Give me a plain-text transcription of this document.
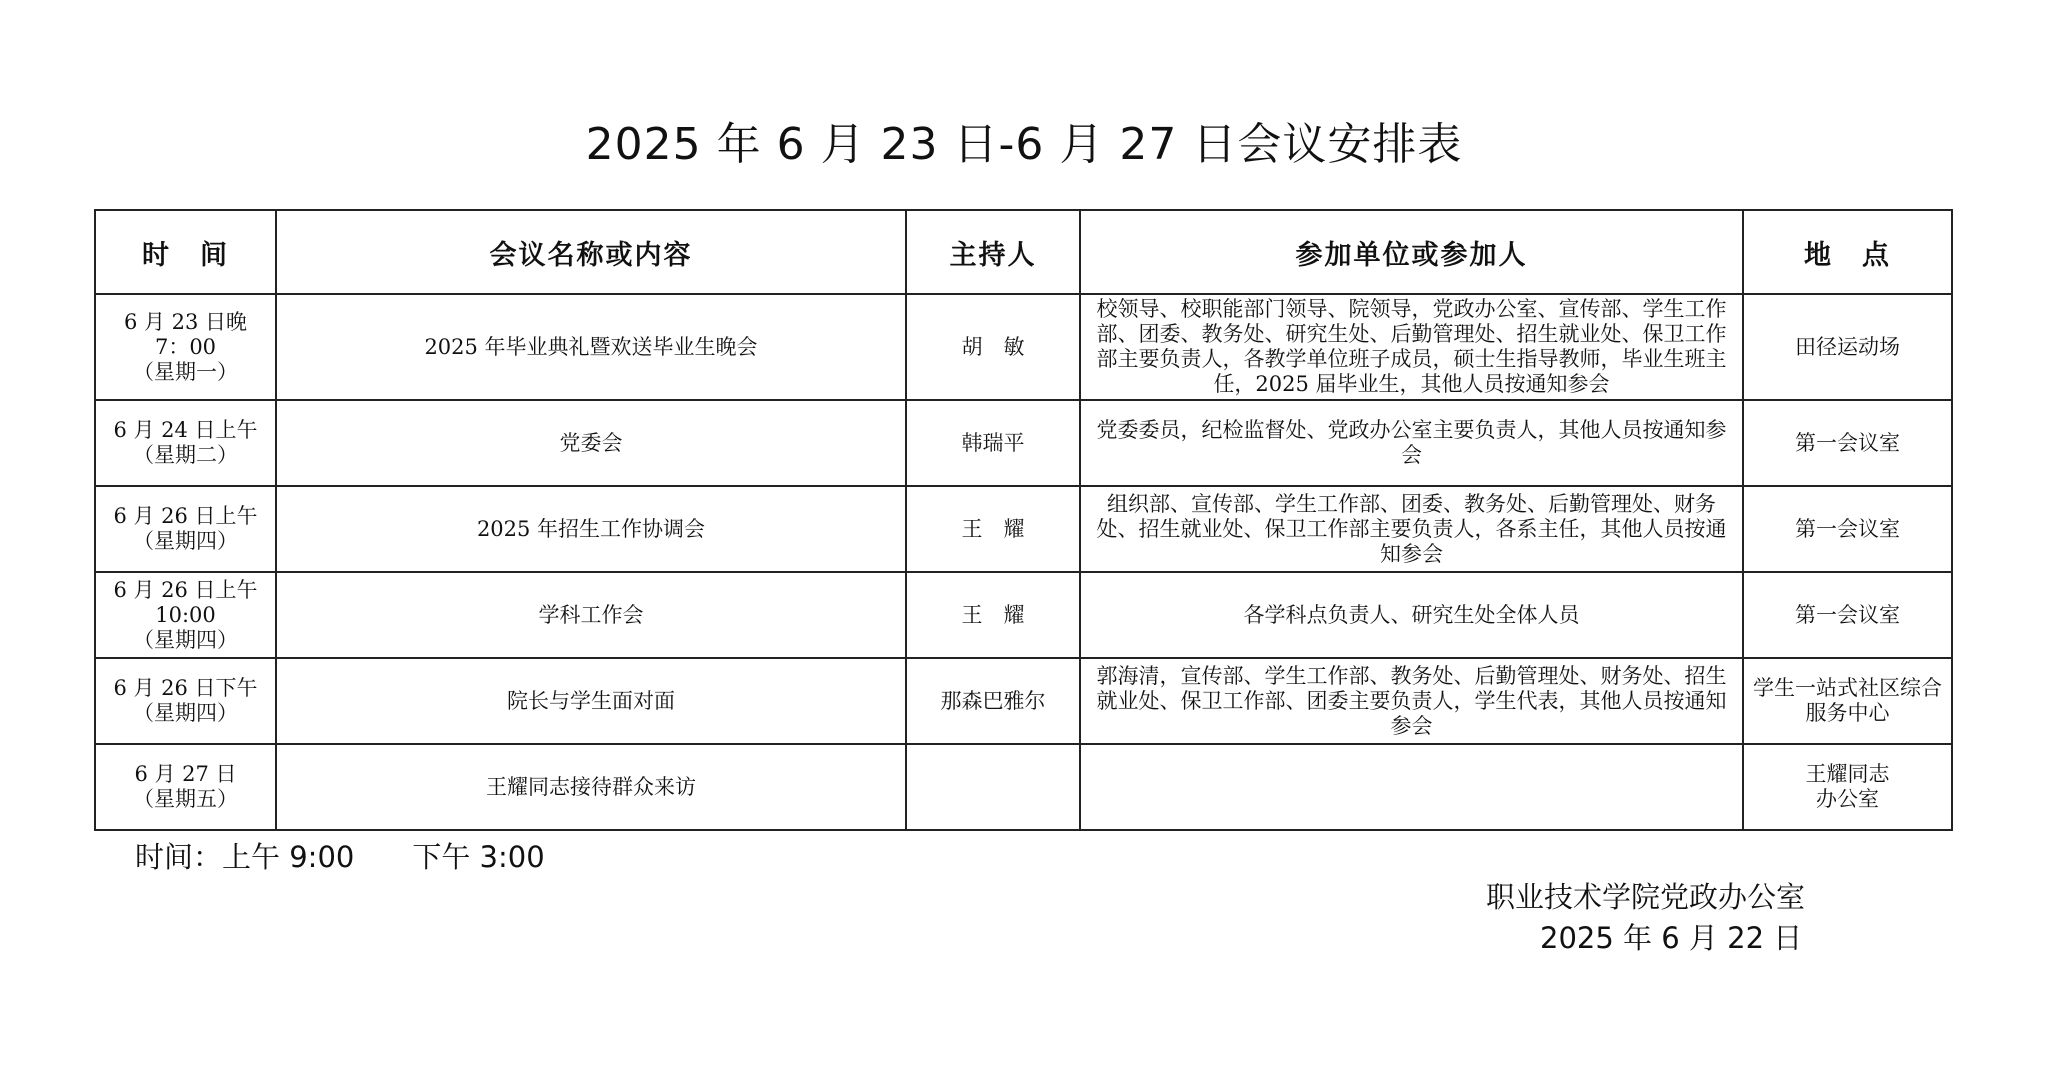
2025 年 6 月 23 日-6 月 27 日会议安排表
时　间	会议名称或内容	主持人	参加单位或参加人	地　点
6 月 23 日晚
7：00
（星期一）	2025 年毕业典礼暨欢送毕业生晚会	胡　敏	校领导、校职能部门领导、院领导，党政办公室、宣传部、学生工作部、团委、教务处、研究生处、后勤管理处、招生就业处、保卫工作部主要负责人，各教学单位班子成员，硕士生指导教师，毕业生班主任，2025 届毕业生，其他人员按通知参会	田径运动场
6 月 24 日上午
（星期二）	党委会	韩瑞平	党委委员，纪检监督处、党政办公室主要负责人，其他人员按通知参会	第一会议室
6 月 26 日上午
（星期四）	2025 年招生工作协调会	王　耀	组织部、宣传部、学生工作部、团委、教务处、后勤管理处、财务处、招生就业处、保卫工作部主要负责人，各系主任，其他人员按通知参会	第一会议室
6 月 26 日上午
10:00
（星期四）	学科工作会	王　耀	各学科点负责人、研究生处全体人员	第一会议室
6 月 26 日下午
（星期四）	院长与学生面对面	那森巴雅尔	郭海清，宣传部、学生工作部、教务处、后勤管理处、财务处、招生就业处、保卫工作部、团委主要负责人，学生代表，其他人员按通知参会	学生一站式社区综合服务中心
6 月 27 日
（星期五）	王耀同志接待群众来访			王耀同志
办公室
时间：上午 9:00　　下午 3:00
职业技术学院党政办公室
2025 年 6 月 22 日
